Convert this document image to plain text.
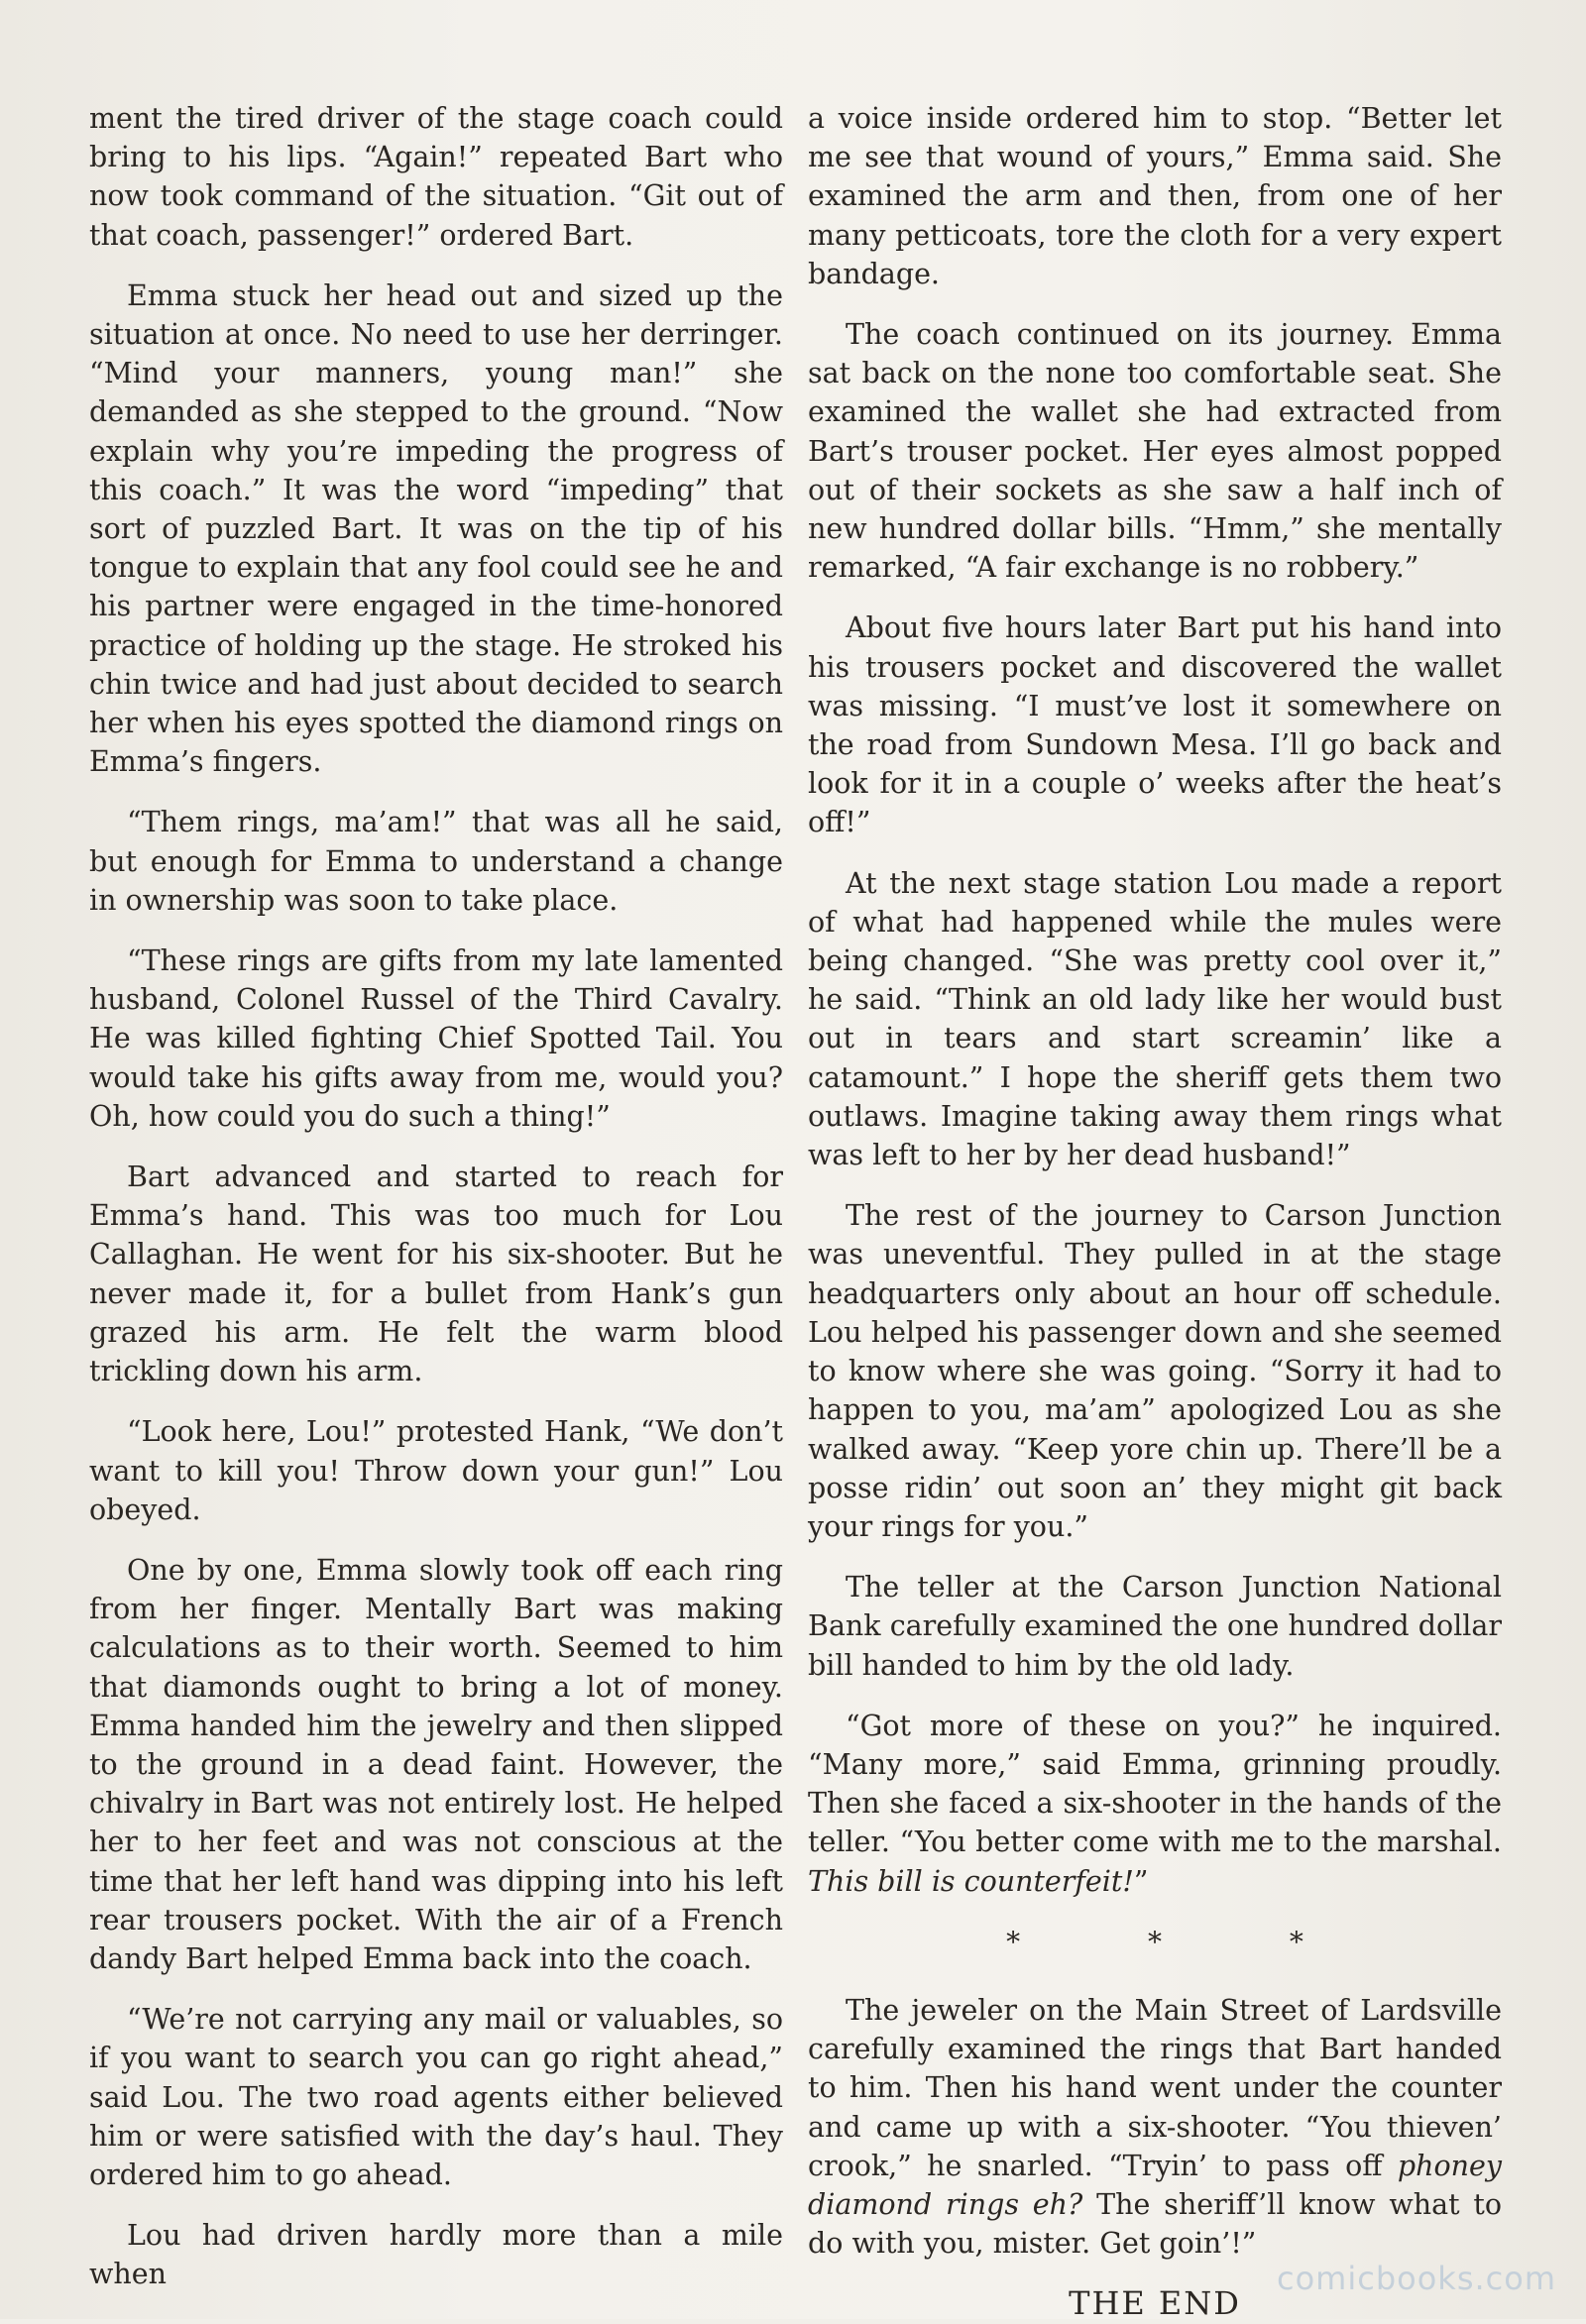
ment the tired driver of the stage coach could bring to his lips. “Again!” repeated Bart who now took command of the situation. “Git out of that coach, passenger!” ordered Bart.

Emma stuck her head out and sized up the situation at once. No need to use her derringer. “Mind your manners, young man!” she demanded as she stepped to the ground. “Now explain why you’re impeding the progress of this coach.” It was the word “impeding” that sort of puzzled Bart. It was on the tip of his tongue to explain that any fool could see he and his partner were engaged in the time-honored practice of holding up the stage. He stroked his chin twice and had just about decided to search her when his eyes spotted the diamond rings on Emma’s fingers.

“Them rings, ma’am!” that was all he said, but enough for Emma to understand a change in ownership was soon to take place.

“These rings are gifts from my late lamented husband, Colonel Russel of the Third Cavalry. He was killed fighting Chief Spotted Tail. You would take his gifts away from me, would you? Oh, how could you do such a thing!”

Bart advanced and started to reach for Emma’s hand. This was too much for Lou Callaghan. He went for his six-shooter. But he never made it, for a bullet from Hank’s gun grazed his arm. He felt the warm blood trickling down his arm.

“Look here, Lou!” protested Hank, “We don’t want to kill you! Throw down your gun!” Lou obeyed.

One by one, Emma slowly took off each ring from her finger. Mentally Bart was making calculations as to their worth. Seemed to him that diamonds ought to bring a lot of money. Emma handed him the jewelry and then slipped to the ground in a dead faint. However, the chivalry in Bart was not entirely lost. He helped her to her feet and was not conscious at the time that her left hand was dipping into his left rear trousers pocket. With the air of a French dandy Bart helped Emma back into the coach.

“We’re not carrying any mail or valuables, so if you want to search you can go right ahead,” said Lou. The two road agents either believed him or were satisfied with the day’s haul. They ordered him to go ahead.

Lou had driven hardly more than a mile when

a voice inside ordered him to stop. “Better let me see that wound of yours,” Emma said. She examined the arm and then, from one of her many petticoats, tore the cloth for a very expert bandage.

The coach continued on its journey. Emma sat back on the none too comfortable seat. She examined the wallet she had extracted from Bart’s trouser pocket. Her eyes almost popped out of their sockets as she saw a half inch of new hundred dollar bills. “Hmm,” she mentally remarked, “A fair exchange is no robbery.”

About five hours later Bart put his hand into his trousers pocket and discovered the wallet was missing. “I must’ve lost it somewhere on the road from Sundown Mesa. I’ll go back and look for it in a couple o’ weeks after the heat’s off!”

At the next stage station Lou made a report of what had happened while the mules were being changed. “She was pretty cool over it,” he said. “Think an old lady like her would bust out in tears and start screamin’ like a catamount.” I hope the sheriff gets them two outlaws. Imagine taking away them rings what was left to her by her dead husband!”

The rest of the journey to Carson Junction was uneventful. They pulled in at the stage headquarters only about an hour off schedule. Lou helped his passenger down and she seemed to know where she was going. “Sorry it had to happen to you, ma’am” apologized Lou as she walked away. “Keep yore chin up. There’ll be a posse ridin’ out soon an’ they might git back your rings for you.”

The teller at the Carson Junction National Bank carefully examined the one hundred dollar bill handed to him by the old lady.

“Got more of these on you?” he inquired. “Many more,” said Emma, grinning proudly. Then she faced a six-shooter in the hands of the teller. “You better come with me to the marshal. This bill is counterfeit!”

* * *

The jeweler on the Main Street of Lardsville carefully examined the rings that Bart handed to him. Then his hand went under the counter and came up with a six-shooter. “You thieven’ crook,” he snarled. “Tryin’ to pass off phoney diamond rings eh? The sheriff’ll know what to do with you, mister. Get goin’!”

THE END
comicbooks.com
